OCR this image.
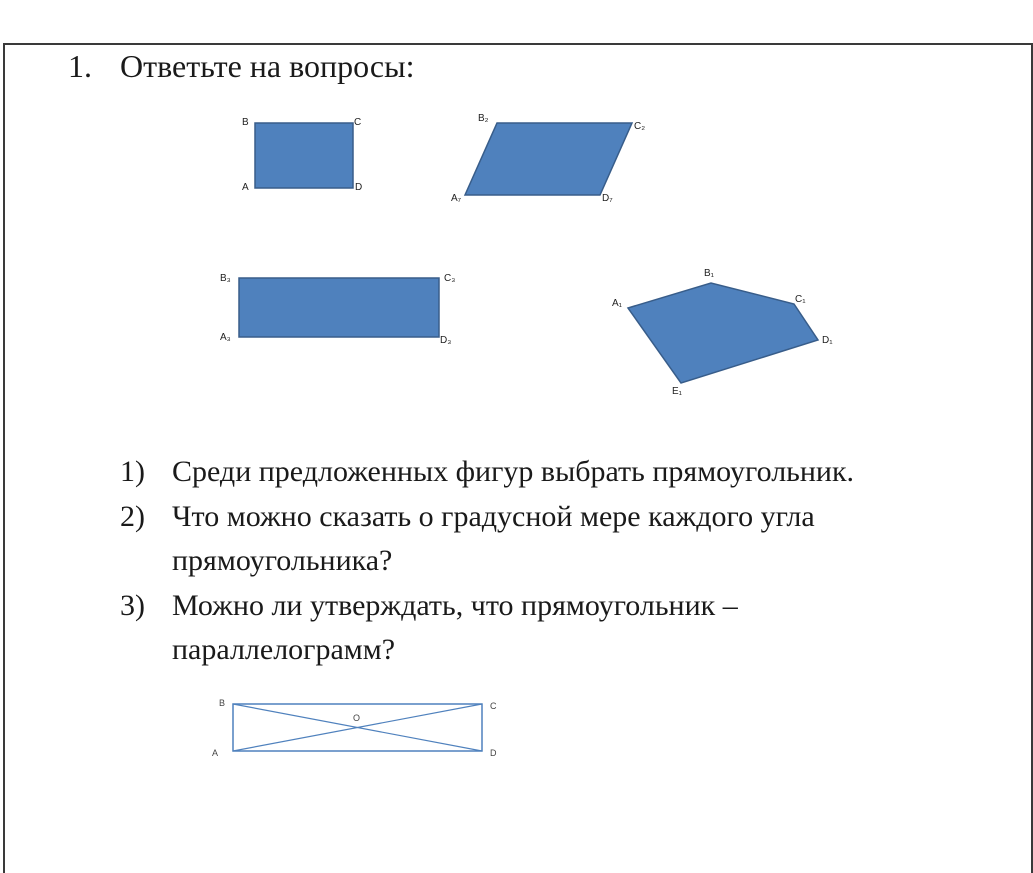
1. Ответьте на вопросы:
B	C
A	D
B₂
C₂
A₇	D₇
B₃	C₃
A₃	D₃
A₁
B₁
C₁
D₁
E₁
B	C
A	D
O
1) Среди предложенных фигур выбрать прямоугольник.
2) Что можно сказать о градусной мере каждого угла прямоугольника?
3) Можно ли утверждать, что прямоугольник – параллелограмм?
